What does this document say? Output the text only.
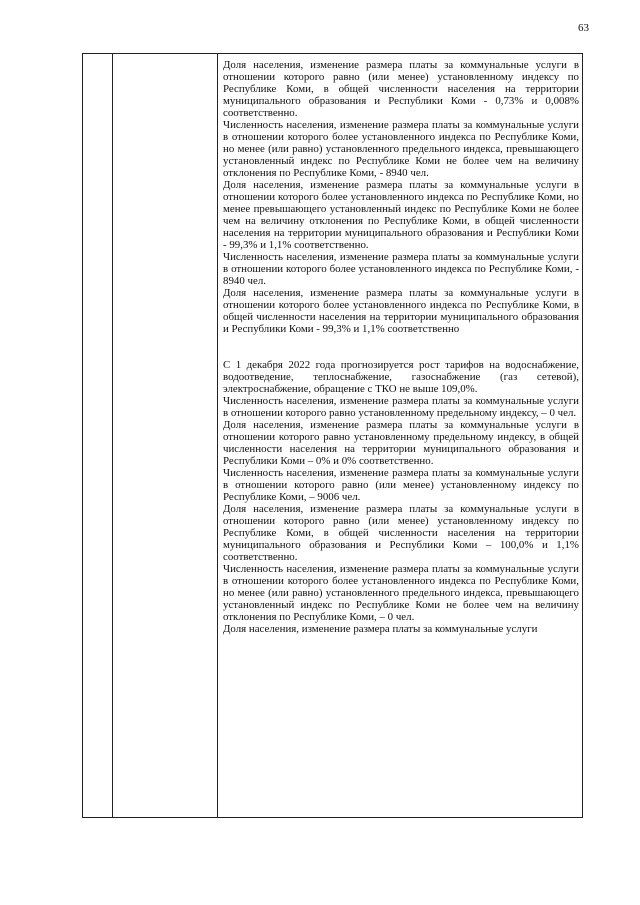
63

Доля населения, изменение размера платы за коммунальные услуги в отношении которого равно (или менее) установленному индексу по Республике Коми, в общей численности населения на территории муниципального образования и Республики Коми - 0,73% и 0,008% соответственно.

Численность населения, изменение размера платы за коммунальные услуги в отношении которого более установленного индекса по Республике Коми, но менее (или равно) установленного предельного индекса, превышающего установленный индекс по Республике Коми не более чем на величину отклонения по Республике Коми, - 8940 чел.

Доля населения, изменение размера платы за коммунальные услуги в отношении которого более установленного индекса по Республике Коми, но менее превышающего установленный индекс по Республике Коми не более чем на величину отклонения по Республике Коми, в общей численности населения на территории муниципального образования и Республики Коми - 99,3% и 1,1% соответственно.

Численность населения, изменение размера платы за коммунальные услуги в отношении которого более установленного индекса по Республике Коми, - 8940 чел.

Доля населения, изменение размера платы за коммунальные услуги в отношении которого более установленного индекса по Республике Коми, в общей численности населения на территории муниципального образования и Республики Коми - 99,3% и 1,1% соответственно

С 1 декабря 2022 года прогнозируется рост тарифов на водоснабжение, водоотведение, теплоснабжение, газоснабжение (газ сетевой), электроснабжение, обращение с ТКО не выше 109,0%.

Численность населения, изменение размера платы за коммунальные услуги в отношении которого равно установленному предельному индексу, – 0 чел.

Доля населения, изменение размера платы за коммунальные услуги в отношении которого равно установленному предельному индексу, в общей численности населения на территории муниципального образования и Республики Коми – 0% и 0% соответственно.

Численность населения, изменение размера платы за коммунальные услуги в отношении которого равно (или менее) установленному индексу по Республике Коми, – 9006 чел.

Доля населения, изменение размера платы за коммунальные услуги в отношении которого равно (или менее) установленному индексу по Республике Коми, в общей численности населения на территории муниципального образования и Республики Коми – 100,0% и 1,1% соответственно.

Численность населения, изменение размера платы за коммунальные услуги в отношении которого более установленного индекса по Республике Коми, но менее (или равно) установленного предельного индекса, превышающего установленный индекс по Республике Коми не более чем на величину отклонения по Республике Коми, – 0 чел.

Доля населения, изменение размера платы за коммунальные услуги
